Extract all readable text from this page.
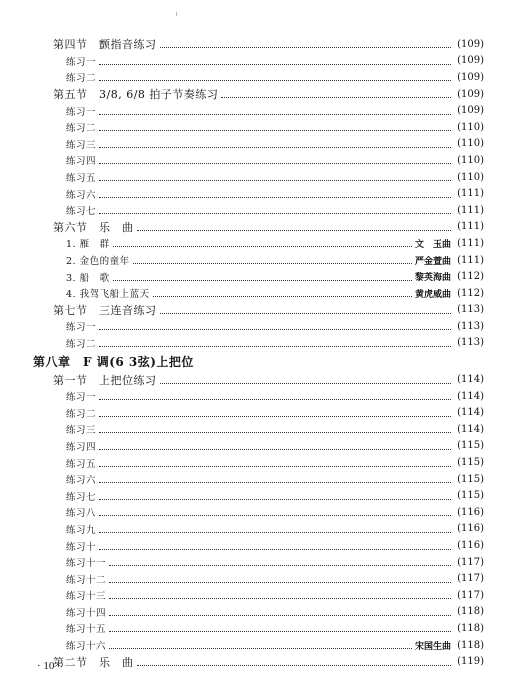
第四节　颤指音练习	(109)
练习一	(109)
练习二	(109)
第五节　3/8, 6/8 拍子节奏练习	(109)
练习一	(109)
练习二	(110)
练习三	(110)
练习四	(110)
练习五	(110)
练习六	(111)
练习七	(111)
第六节　乐　曲	(111)
1. 雁　群	文　玉曲 (111)
2. 金色的童年	严金萱曲 (111)
3. 船　歌	黎英海曲 (112)
4. 我驾飞船上蓝天	黄虎威曲 (112)
第七节　三连音练习	(113)
练习一	(113)
练习二	(113)
第八章　F 调(6 3弦)上把位
第一节　上把位练习	(114)
练习一	(114)
练习二	(114)
练习三	(114)
练习四	(115)
练习五	(115)
练习六	(115)
练习七	(115)
练习八	(116)
练习九	(116)
练习十	(116)
练习十一	(117)
练习十二	(117)
练习十三	(117)
练习十四	(118)
练习十五	(118)
练习十六	宋国生曲 (118)
第二节　乐　曲	(119)
· 10 ·
